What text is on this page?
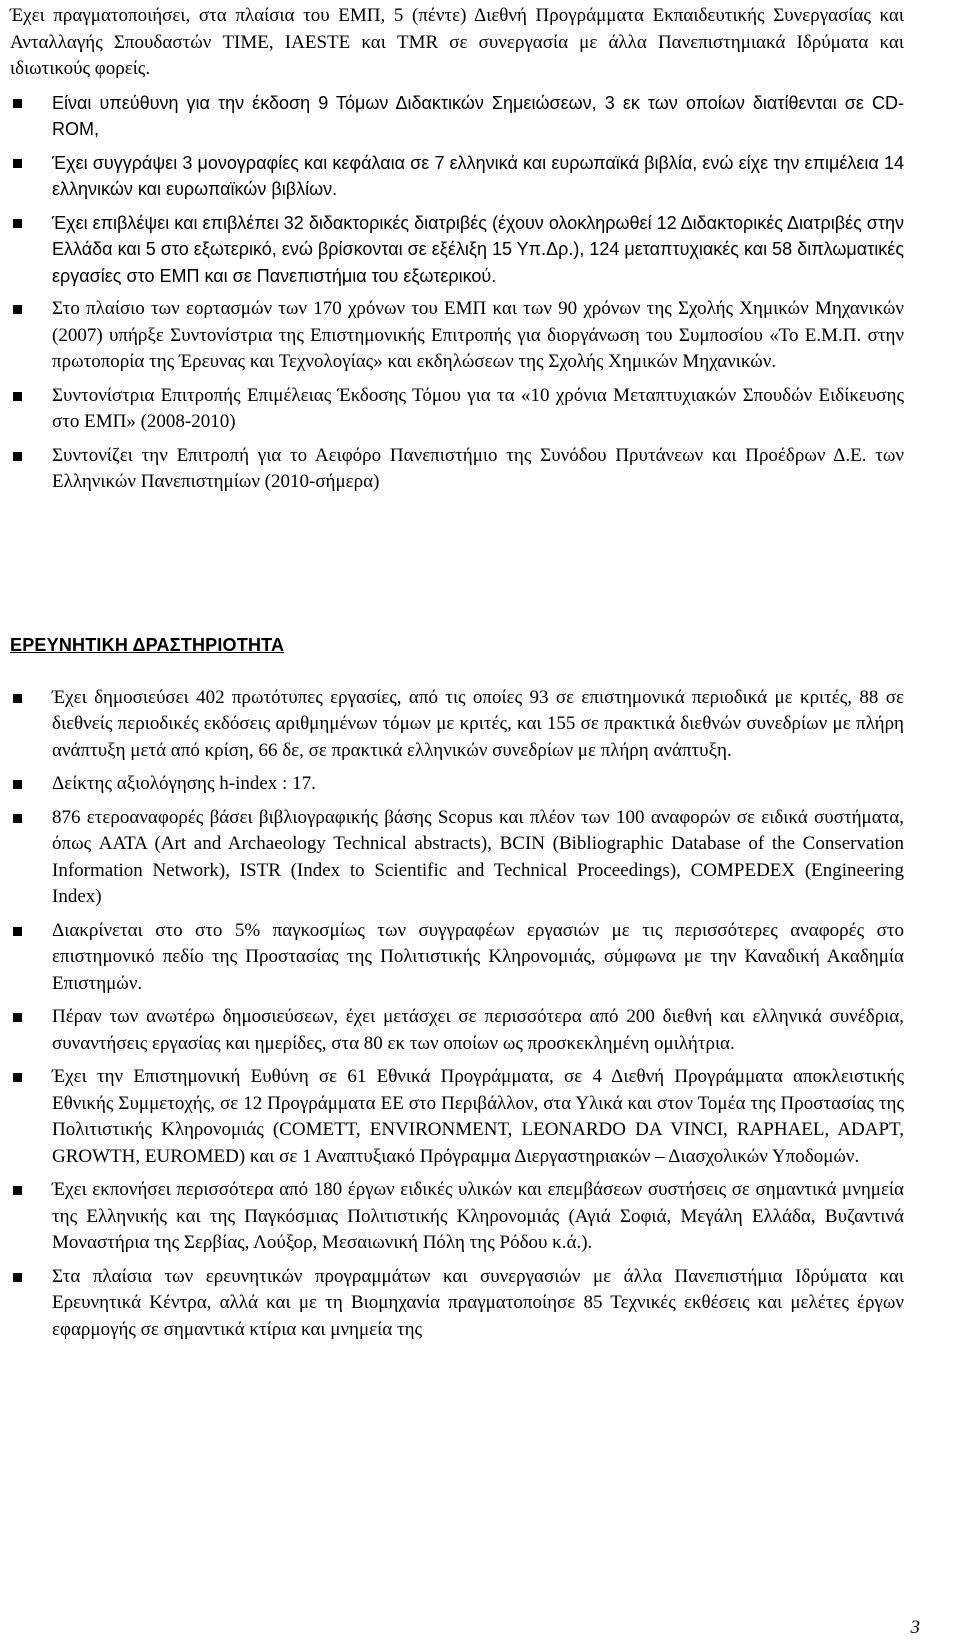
Έχει πραγματοποιήσει, στα πλαίσια του ΕΜΠ, 5 (πέντε) Διεθνή Προγράμματα Εκπαιδευτικής Συνεργασίας και Ανταλλαγής Σπουδαστών TIME, IAESTE και TMR σε συνεργασία με άλλα Πανεπιστημιακά Ιδρύματα και ιδιωτικούς φορείς.
Είναι υπεύθυνη για την έκδοση 9 Τόμων Διδακτικών Σημειώσεων, 3 εκ των οποίων διατίθενται σε CD-ROM,
Έχει συγγράψει 3 μονογραφίες και κεφάλαια σε 7 ελληνικά και ευρωπαϊκά βιβλία, ενώ είχε την επιμέλεια 14 ελληνικών και ευρωπαϊκών βιβλίων.
Έχει επιβλέψει και επιβλέπει 32 διδακτορικές διατριβές (έχουν ολοκληρωθεί 12 Διδακτορικές Διατριβές στην Ελλάδα και 5 στο εξωτερικό, ενώ βρίσκονται σε εξέλιξη 15 Υπ.Δρ.), 124 μεταπτυχιακές και 58 διπλωματικές εργασίες στο ΕΜΠ και σε Πανεπιστήμια του εξωτερικού.
Στο πλαίσιο των εορτασμών των 170 χρόνων του ΕΜΠ και των 90 χρόνων της Σχολής Χημικών Μηχανικών (2007) υπήρξε Συντονίστρια της Επιστημονικής Επιτροπής για διοργάνωση του Συμποσίου «Το Ε.Μ.Π. στην πρωτοπορία της Έρευνας και Τεχνολογίας» και εκδηλώσεων της Σχολής Χημικών Μηχανικών.
Συντονίστρια Επιτροπής Επιμέλειας Έκδοσης Τόμου για τα «10 χρόνια Μεταπτυχιακών Σπουδών Ειδίκευσης στο ΕΜΠ» (2008-2010)
Συντονίζει την Επιτροπή για το Αειφόρο Πανεπιστήμιο της Συνόδου Πρυτάνεων και Προέδρων Δ.Ε. των Ελληνικών Πανεπιστημίων (2010-σήμερα)
ΕΡΕΥΝΗΤΙΚΗ ΔΡΑΣΤΗΡΙΟΤΗΤΑ
Έχει δημοσιεύσει 402 πρωτότυπες εργασίες, από τις οποίες 93 σε επιστημονικά περιοδικά με κριτές, 88 σε διεθνείς περιοδικές εκδόσεις αριθμημένων τόμων με κριτές, και 155 σε πρακτικά διεθνών συνεδρίων με πλήρη ανάπτυξη μετά από κρίση, 66 δε, σε πρακτικά ελληνικών συνεδρίων με πλήρη ανάπτυξη.
Δείκτης αξιολόγησης h-index : 17.
876 ετεροαναφορές βάσει βιβλιογραφικής βάσης Scopus και πλέον των 100 αναφορών σε ειδικά συστήματα, όπως AATA (Art and Archaeology Technical abstracts), BCIN (Bibliographic Database of the Conservation Information Network), ISTR (Index to Scientific and Technical Proceedings), COMPEDEX (Engineering Index)
Διακρίνεται στο στο 5% παγκοσμίως των συγγραφέων εργασιών με τις περισσότερες αναφορές στο επιστημονικό πεδίο της Προστασίας της Πολιτιστικής Κληρονομιάς, σύμφωνα με την Καναδική Ακαδημία Επιστημών.
Πέραν των ανωτέρω δημοσιεύσεων, έχει μετάσχει σε περισσότερα από 200 διεθνή και ελληνικά συνέδρια, συναντήσεις εργασίας και ημερίδες, στα 80 εκ των οποίων ως προσκεκλημένη ομιλήτρια.
Έχει την Επιστημονική Ευθύνη σε 61 Εθνικά Προγράμματα, σε 4 Διεθνή Προγράμματα αποκλειστικής Εθνικής Συμμετοχής, σε 12 Προγράμματα ΕΕ στο Περιβάλλον, στα Υλικά και στον Τομέα της Προστασίας της Πολιτιστικής Κληρονομιάς (COMETT, ENVIRONMENT, LEONARDO DA VINCI, RAPHAEL, ADAPT, GROWTH, EUROMED) και σε 1 Αναπτυξιακό Πρόγραμμα Διεργαστηριακών – Διασχολικών Υποδομών.
Έχει εκπονήσει περισσότερα από 180 έργων ειδικές υλικών και επεμβάσεων συστήσεις σε σημαντικά μνημεία της Ελληνικής και της Παγκόσμιας Πολιτιστικής Κληρονομιάς (Αγιά Σοφιά, Μεγάλη Ελλάδα, Βυζαντινά Μοναστήρια της Σερβίας, Λούξορ, Μεσαιωνική Πόλη της Ρόδου κ.ά.).
Στα πλαίσια των ερευνητικών προγραμμάτων και συνεργασιών με άλλα Πανεπιστήμια Ιδρύματα και Ερευνητικά Κέντρα, αλλά και με τη Βιομηχανία πραγματοποίησε 85 Τεχνικές εκθέσεις και μελέτες έργων εφαρμογής σε σημαντικά κτίρια και μνημεία της
3
